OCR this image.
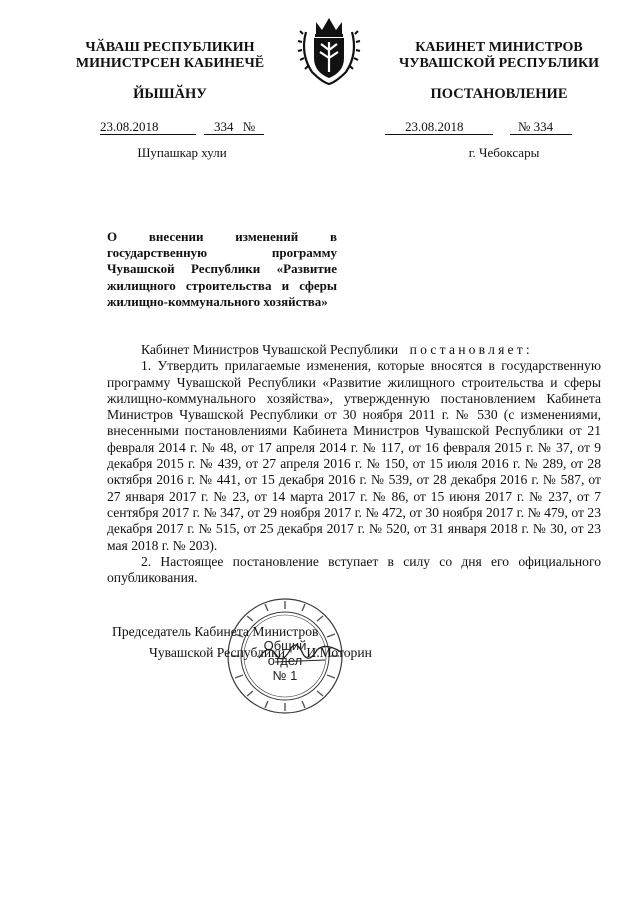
ЧӐВАШ РЕСПУБЛИКИН
МИНИСТРСЕН КАБИНЕЧӖ
ЙЫШӐНУ
КАБИНЕТ МИНИСТРОВ
ЧУВАШСКОЙ РЕСПУБЛИКИ
ПОСТАНОВЛЕНИЕ
23.08.2018	334 №	23.08.2018	№ 334
Шупашкар хули	г. Чебоксары
О внесении изменений в государственную программу Чувашской Республики «Развитие жилищного строительства и сферы жилищно-коммунального хозяйства»

Кабинет Министров Чувашской Республики постановляет:

1. Утвердить прилагаемые изменения, которые вносятся в государственную программу Чувашской Республики «Развитие жилищного строительства и сферы жилищно-коммунального хозяйства», утвержденную постановлением Кабинета Министров Чувашской Республики от 30 ноября 2011 г. № 530 (с изменениями, внесенными постановлениями Кабинета Министров Чувашской Республики от 21 февраля 2014 г. № 48, от 17 апреля 2014 г. № 117, от 16 февраля 2015 г. № 37, от 9 декабря 2015 г. № 439, от 27 апреля 2016 г. № 150, от 15 июля 2016 г. № 289, от 28 октября 2016 г. № 441, от 15 декабря 2016 г. № 539, от 28 декабря 2016 г. № 587, от 27 января 2017 г. № 23, от 14 марта 2017 г. № 86, от 15 июня 2017 г. № 237, от 7 сентября 2017 г. № 347, от 29 ноября 2017 г. № 472, от 30 ноября 2017 г. № 479, от 23 декабря 2017 г. № 515, от 25 декабря 2017 г. № 520, от 31 января 2018 г. № 30, от 23 мая 2018 г. № 203).

2. Настоящее постановление вступает в силу со дня его официального опубликования.

Общий
отдел
№ 1
Председатель Кабинета Министров
Чувашской Республики И.Моторин
